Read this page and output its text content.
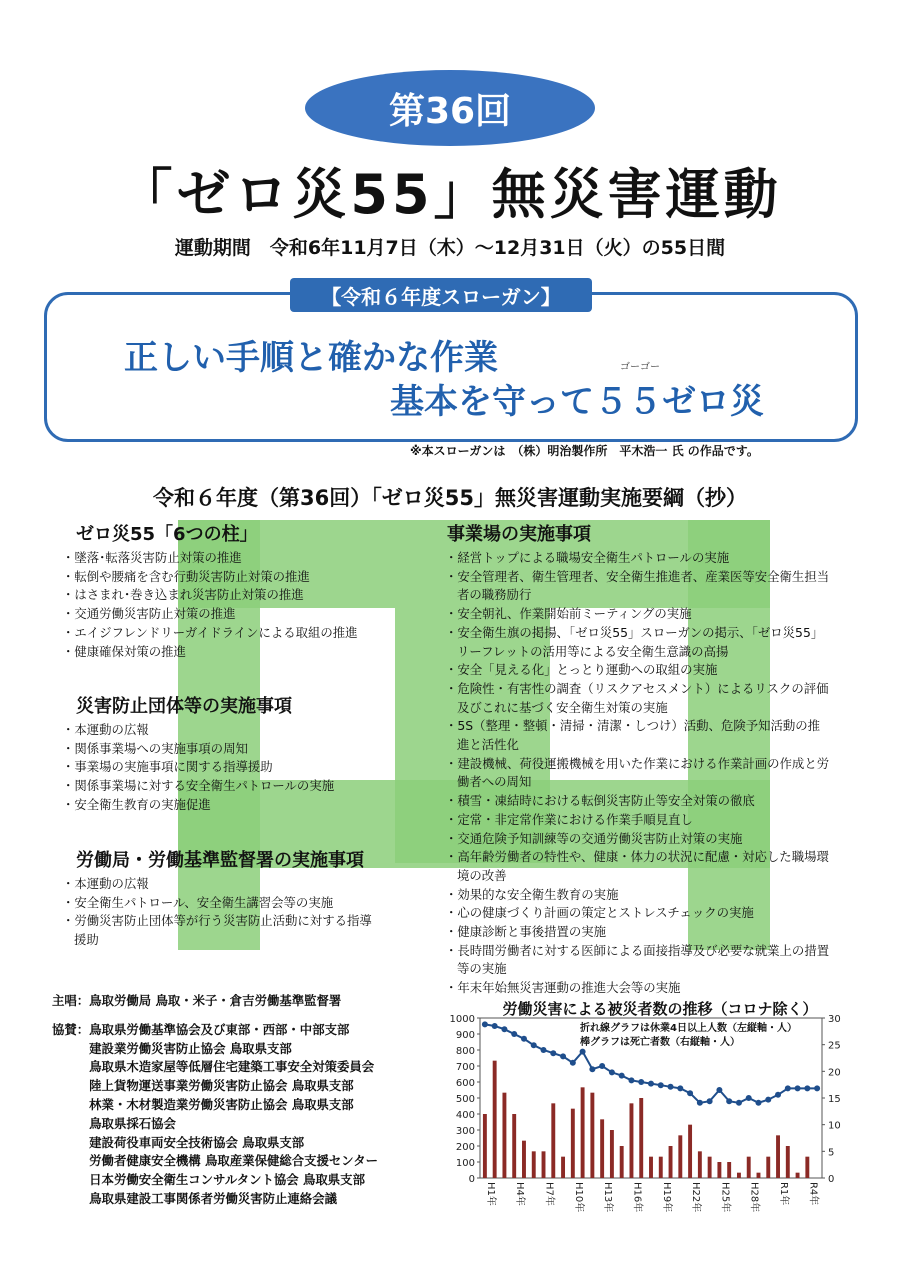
第36回
「ゼロ災55」無災害運動
運動期間　令和6年11月7日（木）～12月31日（火）の55日間
【令和６年度スローガン】
正しい手順と確かな作業	ゴーゴー
基本を守って５５ゼロ災
※本スローガンは　（株）明治製作所　平木浩一 氏 の作品です。
令和６年度（第36回）「ゼロ災55」無災害運動実施要綱（抄）
ゼロ災55「6つの柱」
・ 墜落･転落災害防止対策の推進
・ 転倒や腰痛を含む行動災害防止対策の推進
・ はさまれ･巻き込まれ災害防止対策の推進
・ 交通労働災害防止対策の推進
・ エイジフレンドリーガイドラインによる取組の推進
・ 健康確保対策の推進
災害防止団体等の実施事項
・ 本運動の広報
・ 関係事業場への実施事項の周知
・ 事業場の実施事項に関する指導援助
・ 関係事業場に対する安全衛生パトロールの実施
・ 安全衛生教育の実施促進
労働局・労働基準監督署の実施事項
・ 本運動の広報
・ 安全衛生パトロール、安全衛生講習会等の実施
・ 労働災害防止団体等が行う災害防止活動に対する指導援助
事業場の実施事項
・ 経営トップによる職場安全衛生パトロールの実施
・ 安全管理者、衛生管理者、安全衛生推進者、産業医等安全衛生担当者の職務励行
・ 安全朝礼、作業開始前ミーティングの実施
・ 安全衛生旗の掲揚、「ゼロ災55」スローガンの掲示、「ゼロ災55」リーフレットの活用等による安全衛生意識の高揚
・ 安全「見える化」とっとり運動への取組の実施
・ 危険性・有害性の調査（リスクアセスメント）によるリスクの評価及びこれに基づく安全衛生対策の実施
・ 5S（整理・整頓・清掃・清潔・しつけ）活動、危険予知活動の推進と活性化
・ 建設機械、荷役運搬機械を用いた作業における作業計画の作成と労働者への周知
・ 積雪・凍結時における転倒災害防止等安全対策の徹底
・ 定常・非定常作業における作業手順見直し
・ 交通危険予知訓練等の交通労働災害防止対策の実施
・ 高年齢労働者の特性や、健康・体力の状況に配慮・対応した職場環境の改善
・ 効果的な安全衛生教育の実施
・ 心の健康づくり計画の策定とストレスチェックの実施
・ 健康診断と事後措置の実施
・ 長時間労働者に対する医師による面接指導及び必要な就業上の措置等の実施
・ 年末年始無災害運動の推進大会等の実施
主唱：鳥取労働局 鳥取・米子・倉吉労働基準監督署
協賛： 鳥取県労働基準協会及び東部・西部・中部支部
建設業労働災害防止協会 鳥取県支部
鳥取県木造家屋等低層住宅建築工事安全対策委員会
陸上貨物運送事業労働災害防止協会 鳥取県支部
林業・木材製造業労働災害防止協会 鳥取県支部
鳥取県採石協会
建設荷役車両安全技術協会 鳥取県支部
労働者健康安全機構 鳥取産業保健総合支援センター
日本労働安全衛生コンサルタント協会 鳥取県支部
鳥取県建設工事関係者労働災害防止連絡会議
労働災害による被災者数の推移（コロナ除く）
1000
900
800
700
600
500
400
300
200
100
0
30
25
20
15
10
5
0
H1年 H4年 H7年 H10年 H13年 H16年 H19年 H22年 H25年 H28年 R1年 R4年
折れ線グラフは休業4日以上人数（左縦軸・人）
棒グラフは死亡者数（右縦軸・人）
